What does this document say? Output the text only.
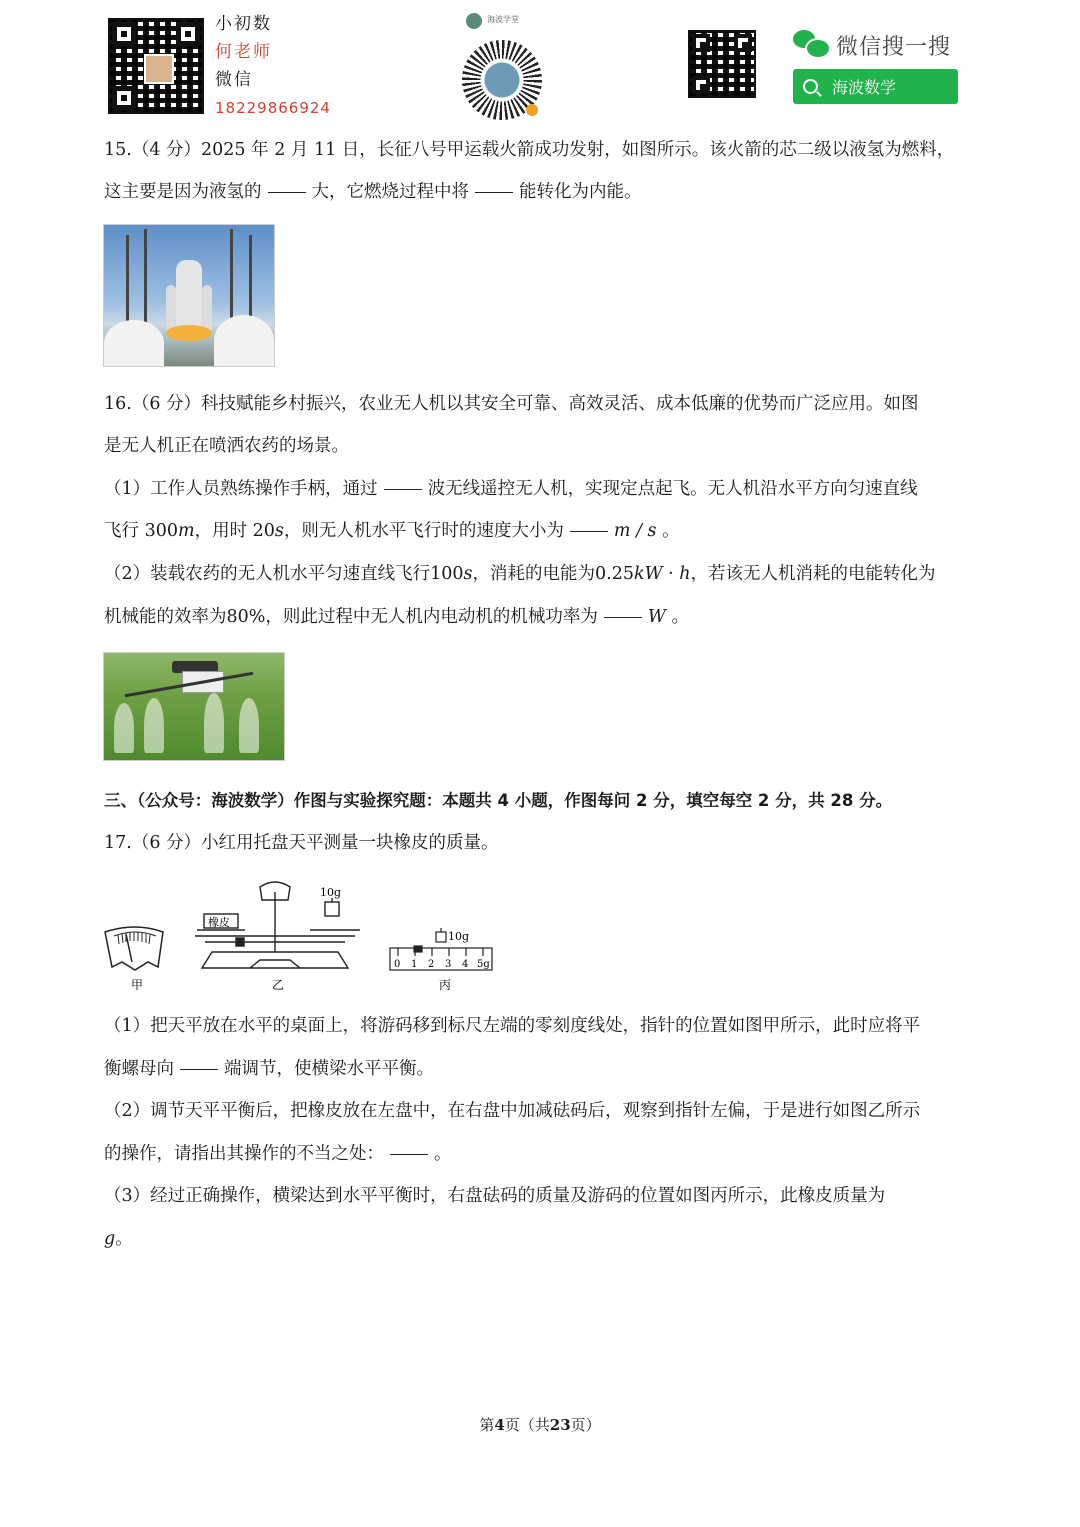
小初数
何老师
微信
18229866924
海波学堂
微信搜一搜
海波数学
15.（4 分）2025 年 2 月 11 日，长征八号甲运载火箭成功发射，如图所示。该火箭的芯二级以液氢为燃料，
这主要是因为液氢的	大，它燃烧过程中将	能转化为内能。
16.（6 分）科技赋能乡村振兴，农业无人机以其安全可靠、高效灵活、成本低廉的优势而广泛应用。如图
是无人机正在喷洒农药的场景。
（1）工作人员熟练操作手柄，通过	波无线遥控无人机，实现定点起飞。无人机沿水平方向匀速直线
飞行 300m，用时 20s，则无人机水平飞行时的速度大小为	m / s 。
（2）装载农药的无人机水平匀速直线飞行100s，消耗的电能为0.25kW · h，若该无人机消耗的电能转化为
机械能的效率为80%，则此过程中无人机内电动机的机械功率为	W 。
三、（公众号：海波数学）作图与实验探究题：本题共 4 小题，作图每问 2 分，填空每空 2 分，共 28 分。
17.（6 分）小红用托盘天平测量一块橡皮的质量。
甲
橡皮
10g
乙
10g
0 1 2 3 4 5g
丙
（1）把天平放在水平的桌面上，将游码移到标尺左端的零刻度线处，指针的位置如图甲所示，此时应将平
衡螺母向	端调节，使横梁水平平衡。
（2）调节天平平衡后，把橡皮放在左盘中，在右盘中加减砝码后，观察到指针左偏，于是进行如图乙所示
的操作，请指出其操作的不当之处：	。
（3）经过正确操作，横梁达到水平平衡时，右盘砝码的质量及游码的位置如图丙所示，此橡皮质量为
g。
第4页（共23页）
